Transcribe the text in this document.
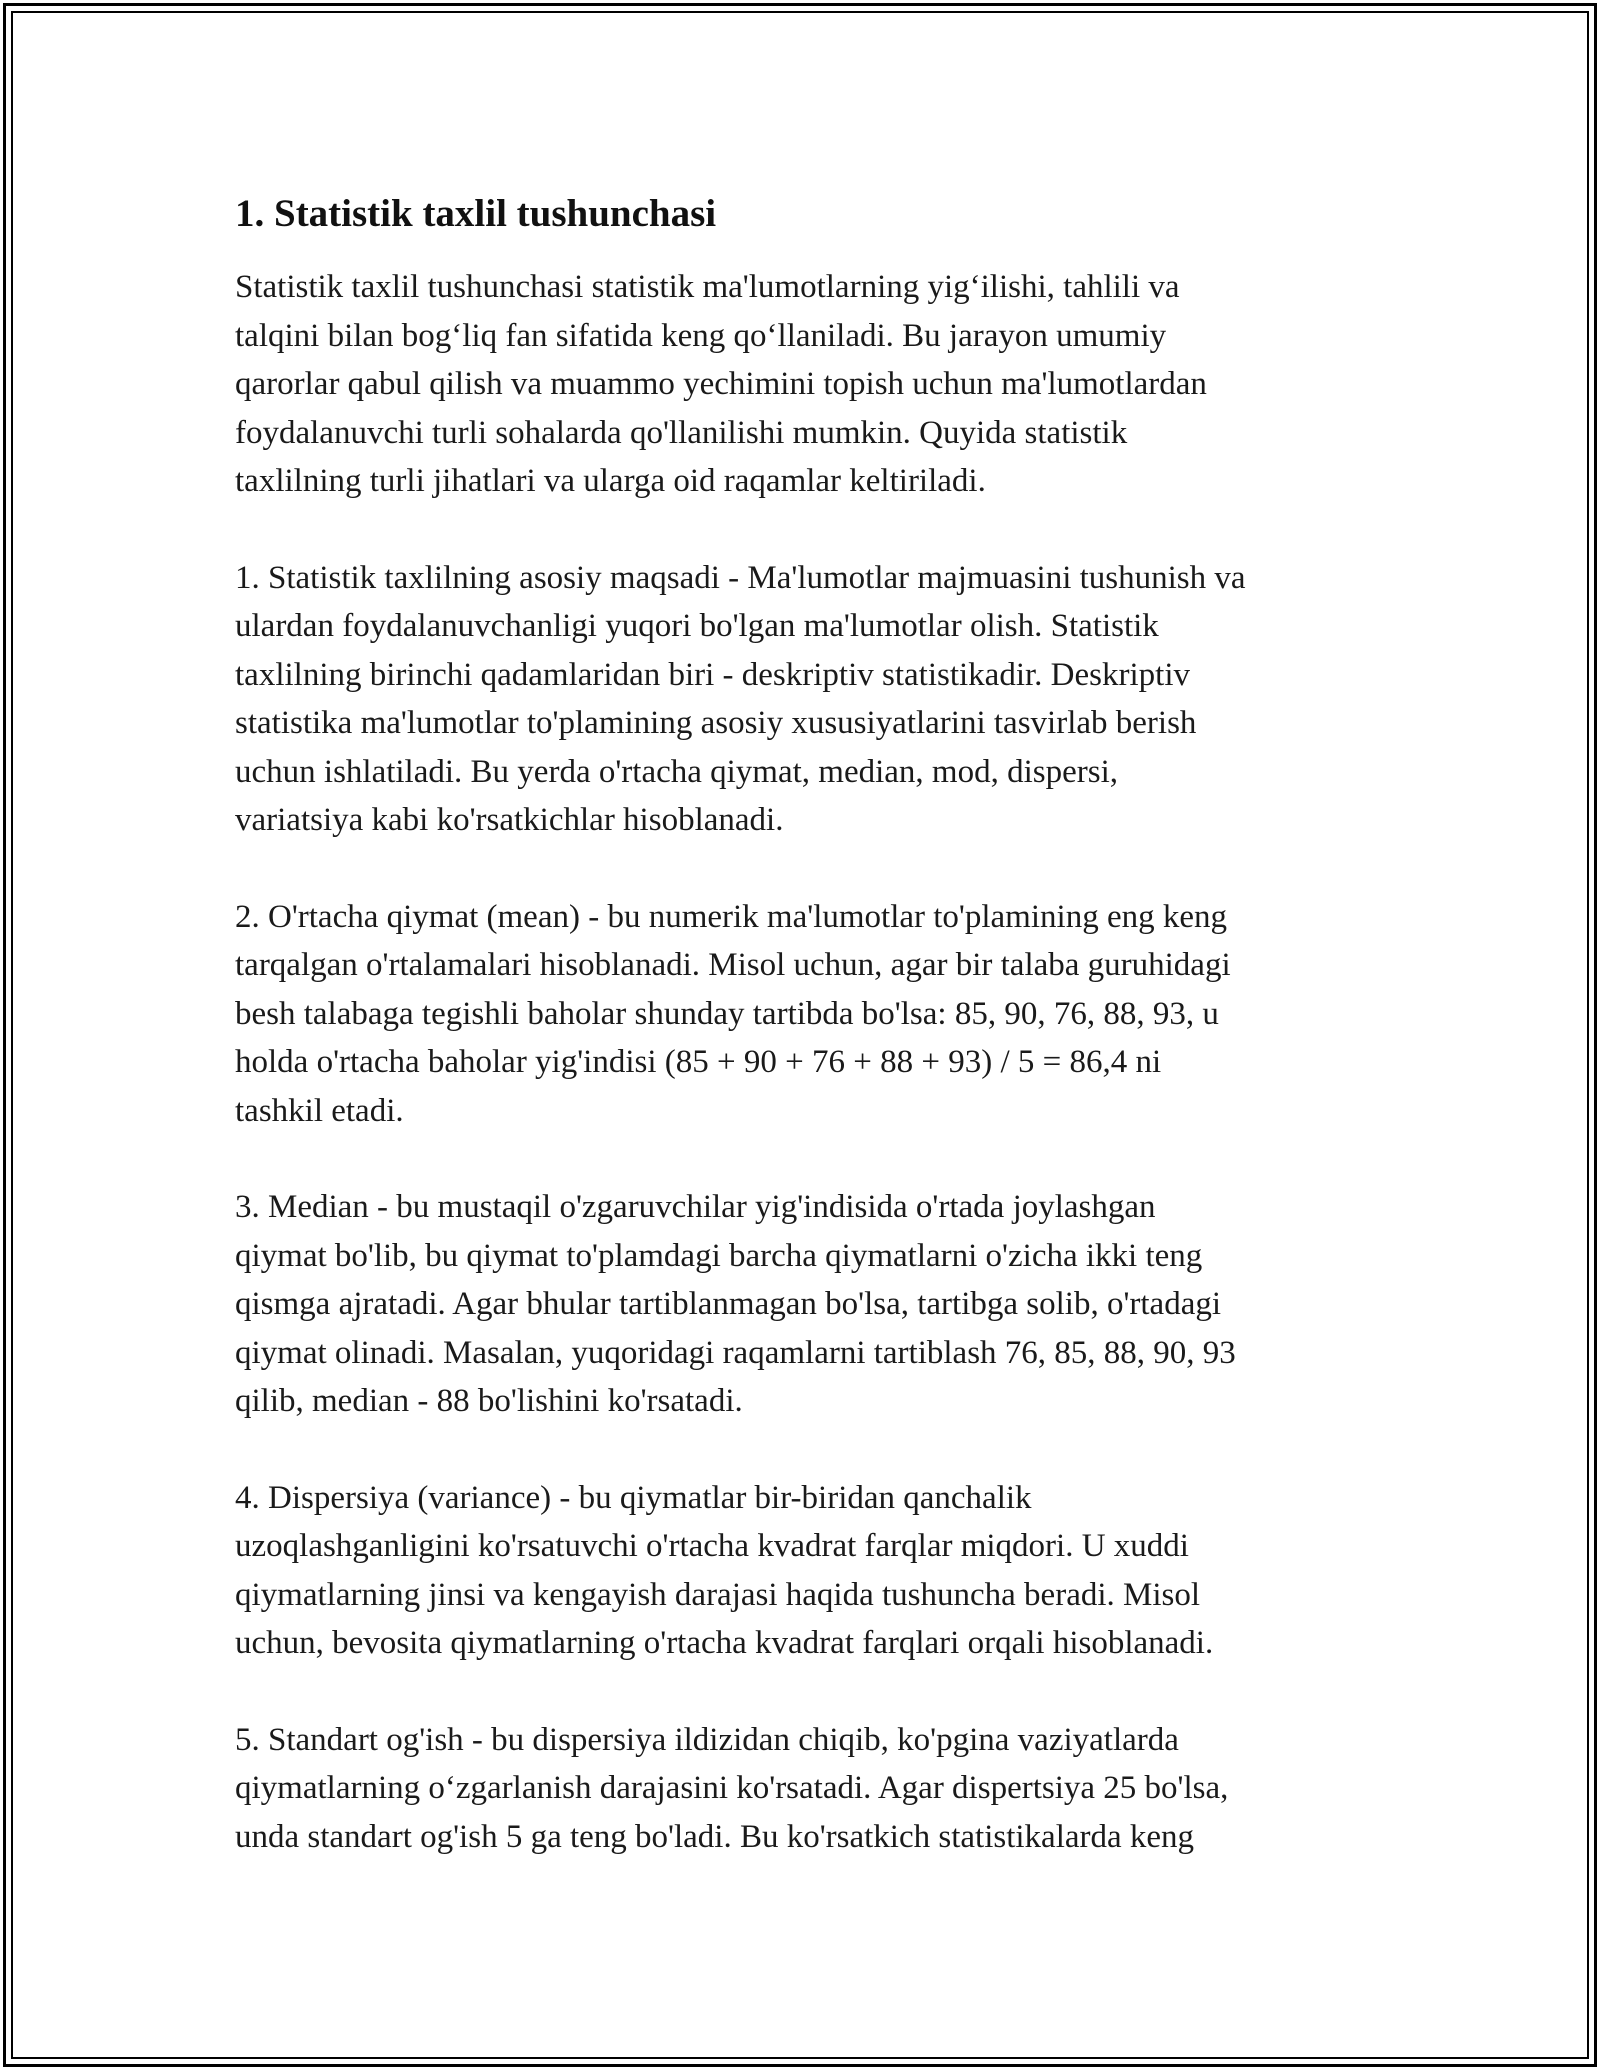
1. Statistik taxlil tushunchasi

Statistik taxlil tushunchasi statistik ma'lumotlarning yig‘ilishi, tahlili va
talqini bilan bog‘liq fan sifatida keng qo‘llaniladi. Bu jarayon umumiy
qarorlar qabul qilish va muammo yechimini topish uchun ma'lumotlardan
foydalanuvchi turli sohalarda qo'llanilishi mumkin. Quyida statistik
taxlilning turli jihatlari va ularga oid raqamlar keltiriladi.

1. Statistik taxlilning asosiy maqsadi - Ma'lumotlar majmuasini tushunish va
ulardan foydalanuvchanligi yuqori bo'lgan ma'lumotlar olish. Statistik
taxlilning birinchi qadamlaridan biri - deskriptiv statistikadir. Deskriptiv
statistika ma'lumotlar to'plamining asosiy xususiyatlarini tasvirlab berish
uchun ishlatiladi. Bu yerda o'rtacha qiymat, median, mod, dispersi,
variatsiya kabi ko'rsatkichlar hisoblanadi.

2. O'rtacha qiymat (mean) - bu numerik ma'lumotlar to'plamining eng keng
tarqalgan o'rtalamalari hisoblanadi. Misol uchun, agar bir talaba guruhidagi
besh talabaga tegishli baholar shunday tartibda bo'lsa: 85, 90, 76, 88, 93, u
holda o'rtacha baholar yig'indisi (85 + 90 + 76 + 88 + 93) / 5 = 86,4 ni
tashkil etadi.

3. Median - bu mustaqil o'zgaruvchilar yig'indisida o'rtada joylashgan
qiymat bo'lib, bu qiymat to'plamdagi barcha qiymatlarni o'zicha ikki teng
qismga ajratadi. Agar bhular tartiblanmagan bo'lsa, tartibga solib, o'rtadagi
qiymat olinadi. Masalan, yuqoridagi raqamlarni tartiblash 76, 85, 88, 90, 93
qilib, median - 88 bo'lishini ko'rsatadi.

4. Dispersiya (variance) - bu qiymatlar bir-biridan qanchalik
uzoqlashganligini ko'rsatuvchi o'rtacha kvadrat farqlar miqdori. U xuddi
qiymatlarning jinsi va kengayish darajasi haqida tushuncha beradi. Misol
uchun, bevosita qiymatlarning o'rtacha kvadrat farqlari orqali hisoblanadi.

5. Standart og'ish - bu dispersiya ildizidan chiqib, ko'pgina vaziyatlarda
qiymatlarning o‘zgarlanish darajasini ko'rsatadi. Agar dispertsiya 25 bo'lsa,
unda standart og'ish 5 ga teng bo'ladi. Bu ko'rsatkich statistikalarda keng
